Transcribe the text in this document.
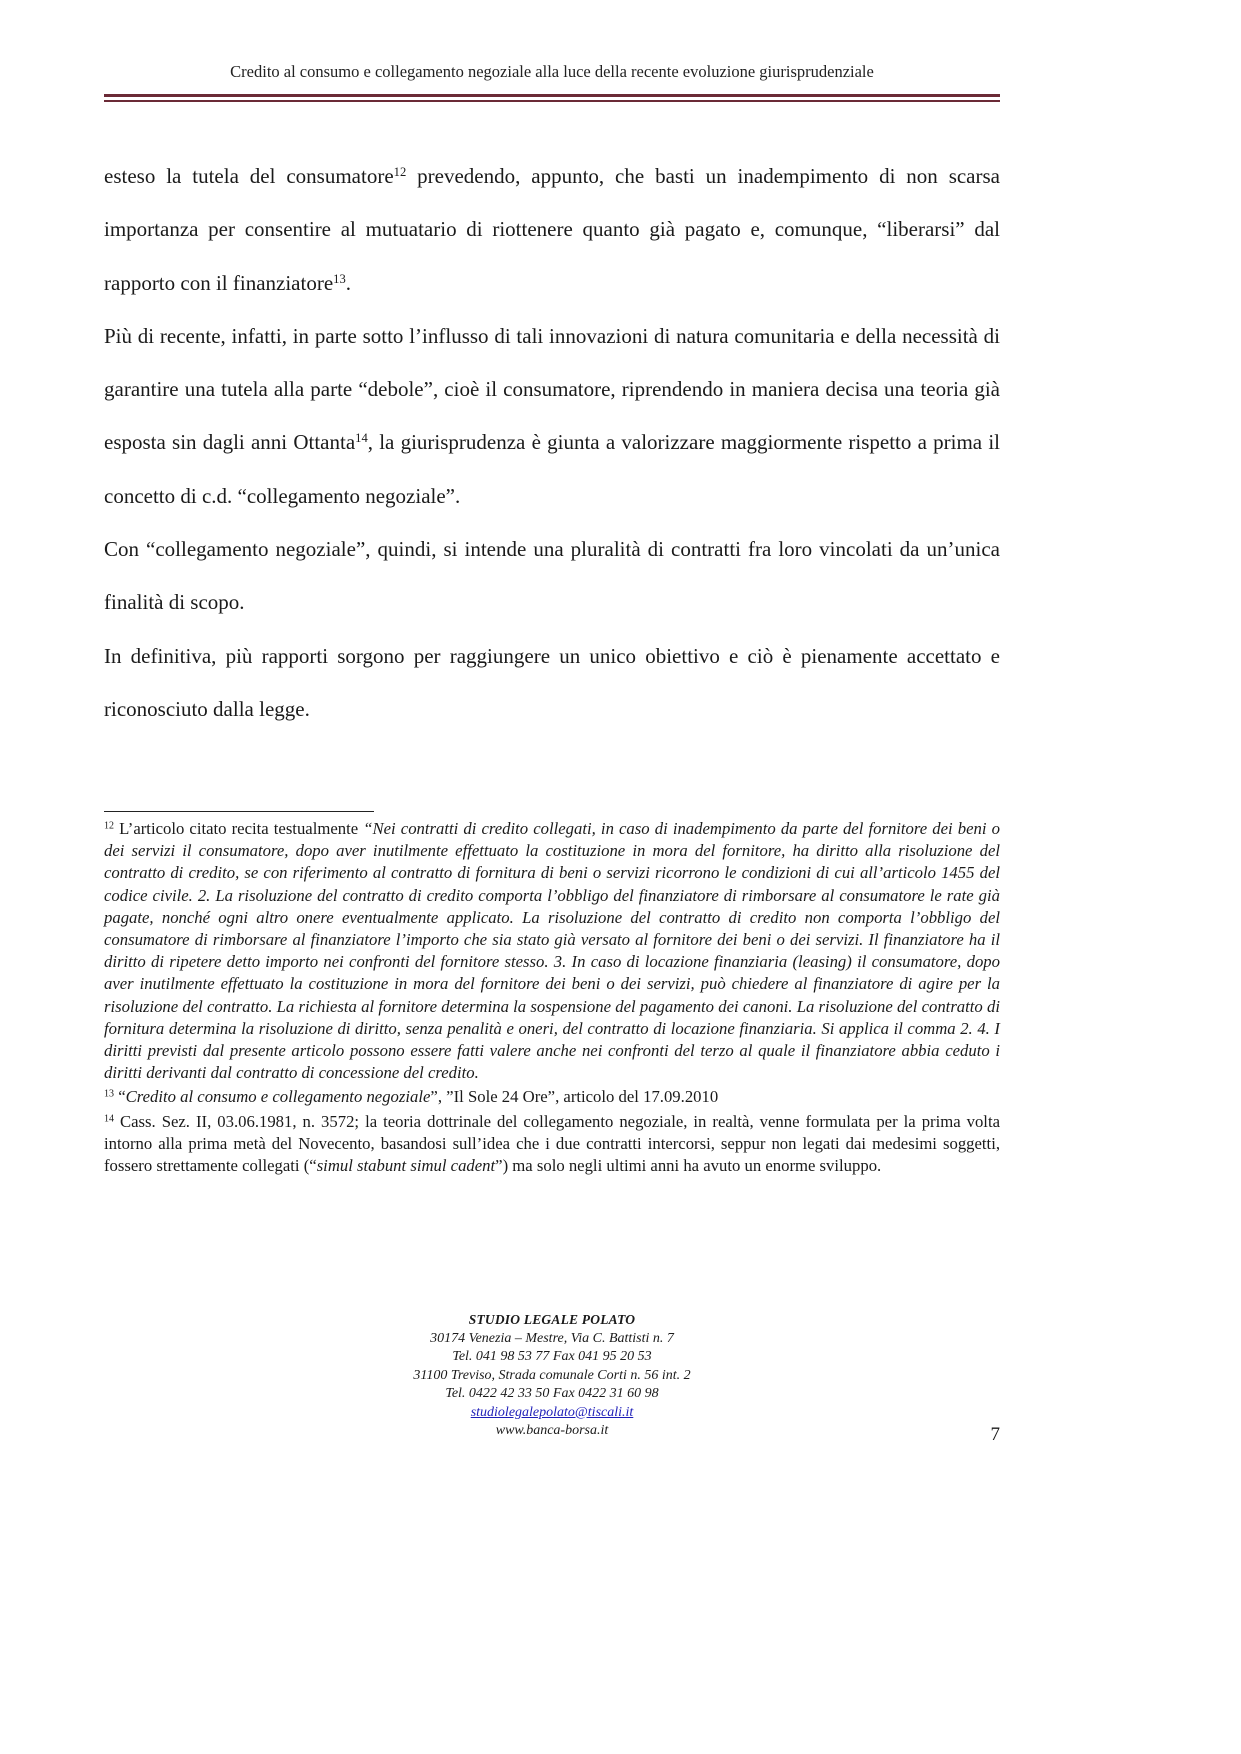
Credito al consumo e collegamento negoziale alla luce della recente evoluzione giurisprudenziale

esteso la tutela del consumatore$^{12}$ prevedendo, appunto, che basti un inadempimento di non scarsa importanza per consentire al mutuatario di riottenere quanto già pagato e, comunque, “liberarsi” dal rapporto con il finanziatore$^{13}$.

Più di recente, infatti, in parte sotto l’influsso di tali innovazioni di natura comunitaria e della necessità di garantire una tutela alla parte “debole”, cioè il consumatore, riprendendo in maniera decisa una teoria già esposta sin dagli anni Ottanta$^{14}$, la giurisprudenza è giunta a valorizzare maggiormente rispetto a prima il concetto di c.d. “collegamento negoziale”.

Con “collegamento negoziale”, quindi, si intende una pluralità di contratti fra loro vincolati da un’unica finalità di scopo.

In definitiva, più rapporti sorgono per raggiungere un unico obiettivo e ciò è pienamente accettato e riconosciuto dalla legge.

$^{12}$ L’articolo citato recita testualmente “Nei contratti di credito collegati, in caso di inadempimento da parte del fornitore dei beni o dei servizi il consumatore, dopo aver inutilmente effettuato la costituzione in mora del fornitore, ha diritto alla risoluzione del contratto di credito, se con riferimento al contratto di fornitura di beni o servizi ricorrono le condizioni di cui all’articolo 1455 del codice civile. 2. La risoluzione del contratto di credito comporta l’obbligo del finanziatore di rimborsare al consumatore le rate già pagate, nonché ogni altro onere eventualmente applicato. La risoluzione del contratto di credito non comporta l’obbligo del consumatore di rimborsare al finanziatore l’importo che sia stato già versato al fornitore dei beni o dei servizi. Il finanziatore ha il diritto di ripetere detto importo nei confronti del fornitore stesso. 3. In caso di locazione finanziaria (leasing) il consumatore, dopo aver inutilmente effettuato la costituzione in mora del fornitore dei beni o dei servizi, può chiedere al finanziatore di agire per la risoluzione del contratto. La richiesta al fornitore determina la sospensione del pagamento dei canoni. La risoluzione del contratto di fornitura determina la risoluzione di diritto, senza penalità e oneri, del contratto di locazione finanziaria. Si applica il comma 2. 4. I diritti previsti dal presente articolo possono essere fatti valere anche nei confronti del terzo al quale il finanziatore abbia ceduto i diritti derivanti dal contratto di concessione del credito.

$^{13}$ “Credito al consumo e collegamento negoziale”, ”Il Sole 24 Ore”, articolo del 17.09.2010

$^{14}$ Cass. Sez. II, 03.06.1981, n. 3572; la teoria dottrinale del collegamento negoziale, in realtà, venne formulata per la prima volta intorno alla prima metà del Novecento, basandosi sull’idea che i due contratti intercorsi, seppur non legati dai medesimi soggetti, fossero strettamente collegati (“simul stabunt simul cadent”) ma solo negli ultimi anni ha avuto un enorme sviluppo.

STUDIO LEGALE POLATO
30174 Venezia – Mestre, Via C. Battisti n. 7
Tel. 041 98 53 77 Fax 041 95 20 53
31100 Treviso, Strada comunale Corti n. 56 int. 2
Tel. 0422 42 33 50 Fax 0422 31 60 98
studiolegalepolato@tiscali.it
www.banca-borsa.it	7
